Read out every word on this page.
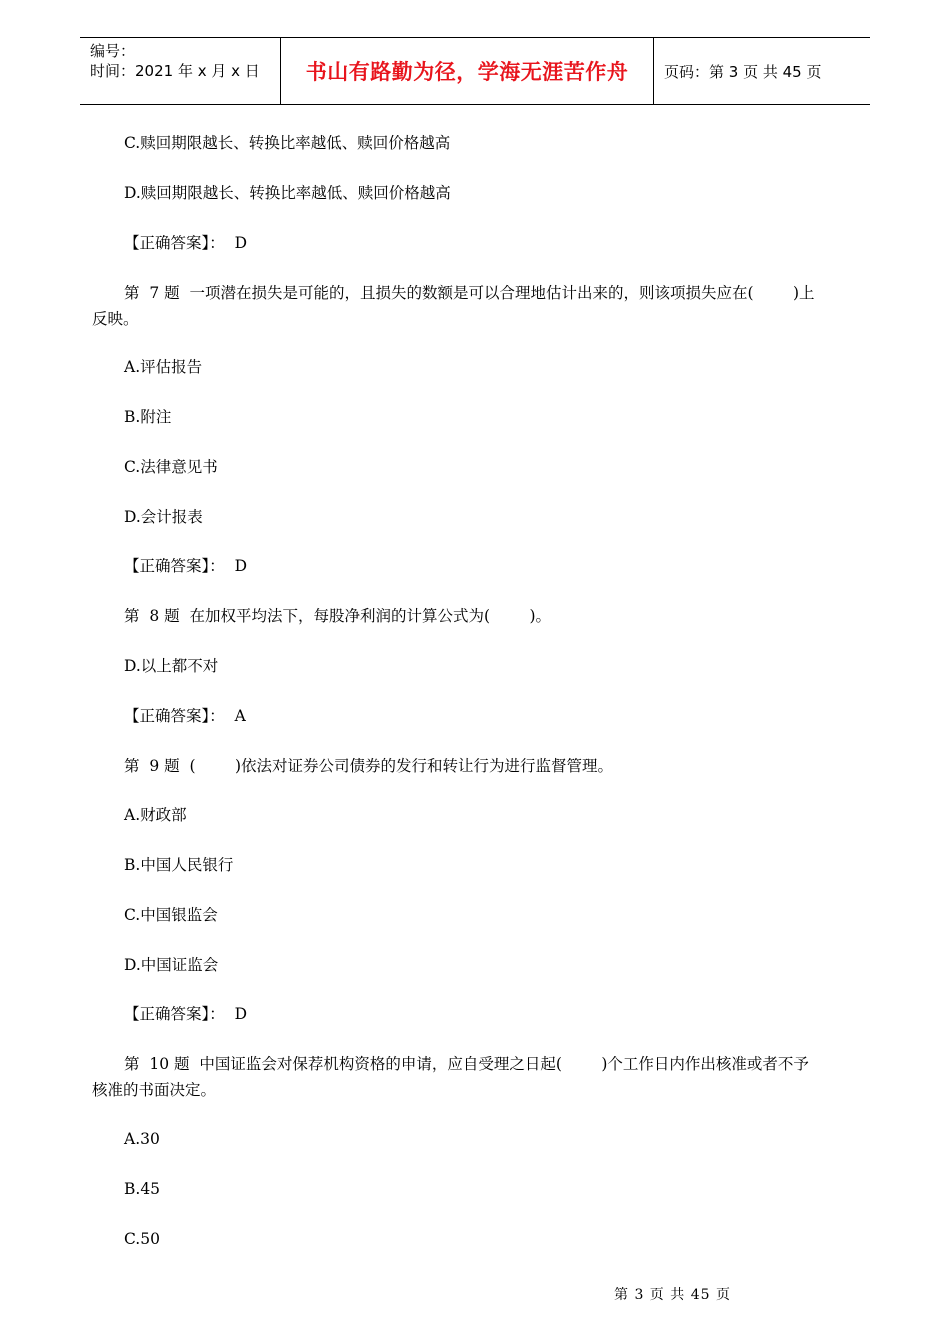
编号：
时间：2021 年 x 月 x 日	书山有路勤为径，学海无涯苦作舟 页码：第 3 页 共 45 页
C.赎回期限越长、转换比率越低、赎回价格越高
D.赎回期限越长、转换比率越低、赎回价格越高
【正确答案】：  D
第  7 题  一项潜在损失是可能的，且损失的数额是可以合理地估计出来的，则该项损失应在(        )上
反映。
A.评估报告
B.附注
C.法律意见书
D.会计报表
【正确答案】：  D
第  8 题  在加权平均法下，每股净利润的计算公式为(        )。
D.以上都不对
【正确答案】：  A
第  9 题  (        )依法对证券公司债券的发行和转让行为进行监督管理。
A.财政部
B.中国人民银行
C.中国银监会
D.中国证监会
【正确答案】：  D
第  10 题  中国证监会对保荐机构资格的申请，应自受理之日起(        )个工作日内作出核准或者不予
核准的书面决定。
A.30
B.45
C.50
第 3 页 共 45 页
